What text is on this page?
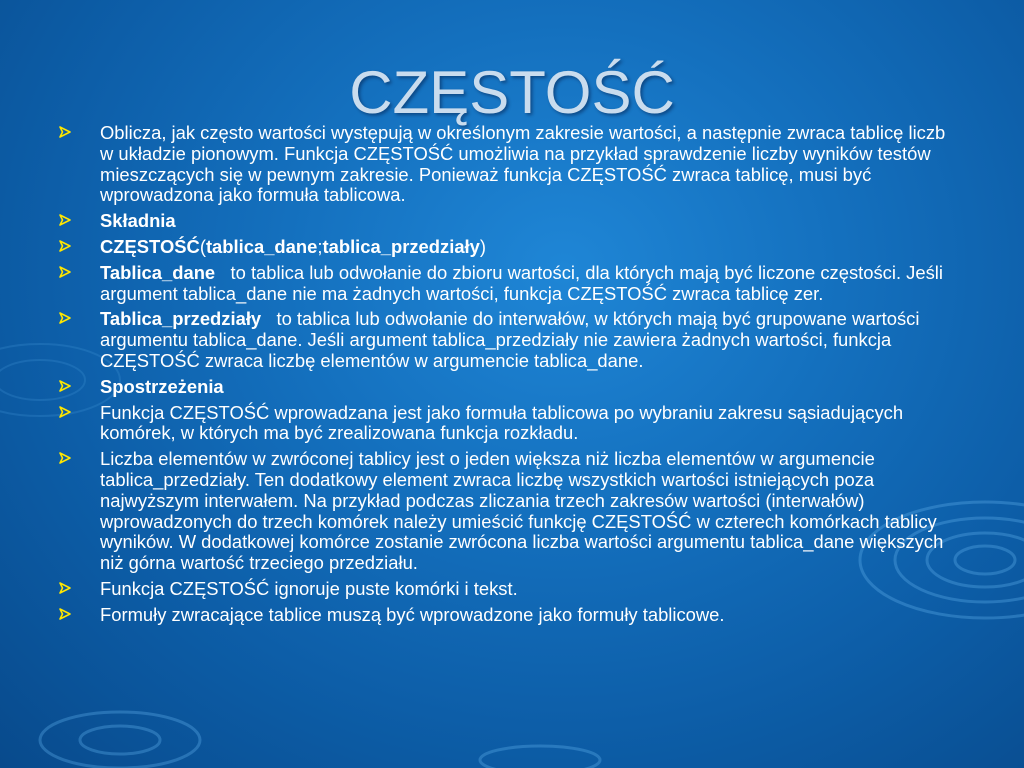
CZĘSTOŚĆ
Oblicza, jak często wartości występują w określonym zakresie wartości, a następnie zwraca tablicę liczb w układzie pionowym. Funkcja CZĘSTOŚĆ umożliwia na przykład sprawdzenie liczby wyników testów mieszczących się w pewnym zakresie. Ponieważ funkcja CZĘSTOŚĆ zwraca tablicę, musi być wprowadzona jako formuła tablicowa.
Składnia
CZĘSTOŚĆ(tablica_dane;tablica_przedziały)
Tablica_dane   to tablica lub odwołanie do zbioru wartości, dla których mają być liczone częstości. Jeśli argument tablica_dane nie ma żadnych wartości, funkcja CZĘSTOŚĆ zwraca tablicę zer.
Tablica_przedziały   to tablica lub odwołanie do interwałów, w których mają być grupowane wartości argumentu tablica_dane. Jeśli argument tablica_przedziały nie zawiera żadnych wartości, funkcja CZĘSTOŚĆ zwraca liczbę elementów w argumencie tablica_dane.
Spostrzeżenia
Funkcja CZĘSTOŚĆ wprowadzana jest jako formuła tablicowa po wybraniu zakresu sąsiadujących komórek, w których ma być zrealizowana funkcja rozkładu.
Liczba elementów w zwróconej tablicy jest o jeden większa niż liczba elementów w argumencie tablica_przedziały. Ten dodatkowy element zwraca liczbę wszystkich wartości istniejących poza najwyższym interwałem. Na przykład podczas zliczania trzech zakresów wartości (interwałów) wprowadzonych do trzech komórek należy umieścić funkcję CZĘSTOŚĆ w czterech komórkach tablicy wyników. W dodatkowej komórce zostanie zwrócona liczba wartości argumentu tablica_dane większych niż górna wartość trzeciego przedziału.
Funkcja CZĘSTOŚĆ ignoruje puste komórki i tekst.
Formuły zwracające tablice muszą być wprowadzone jako formuły tablicowe.
